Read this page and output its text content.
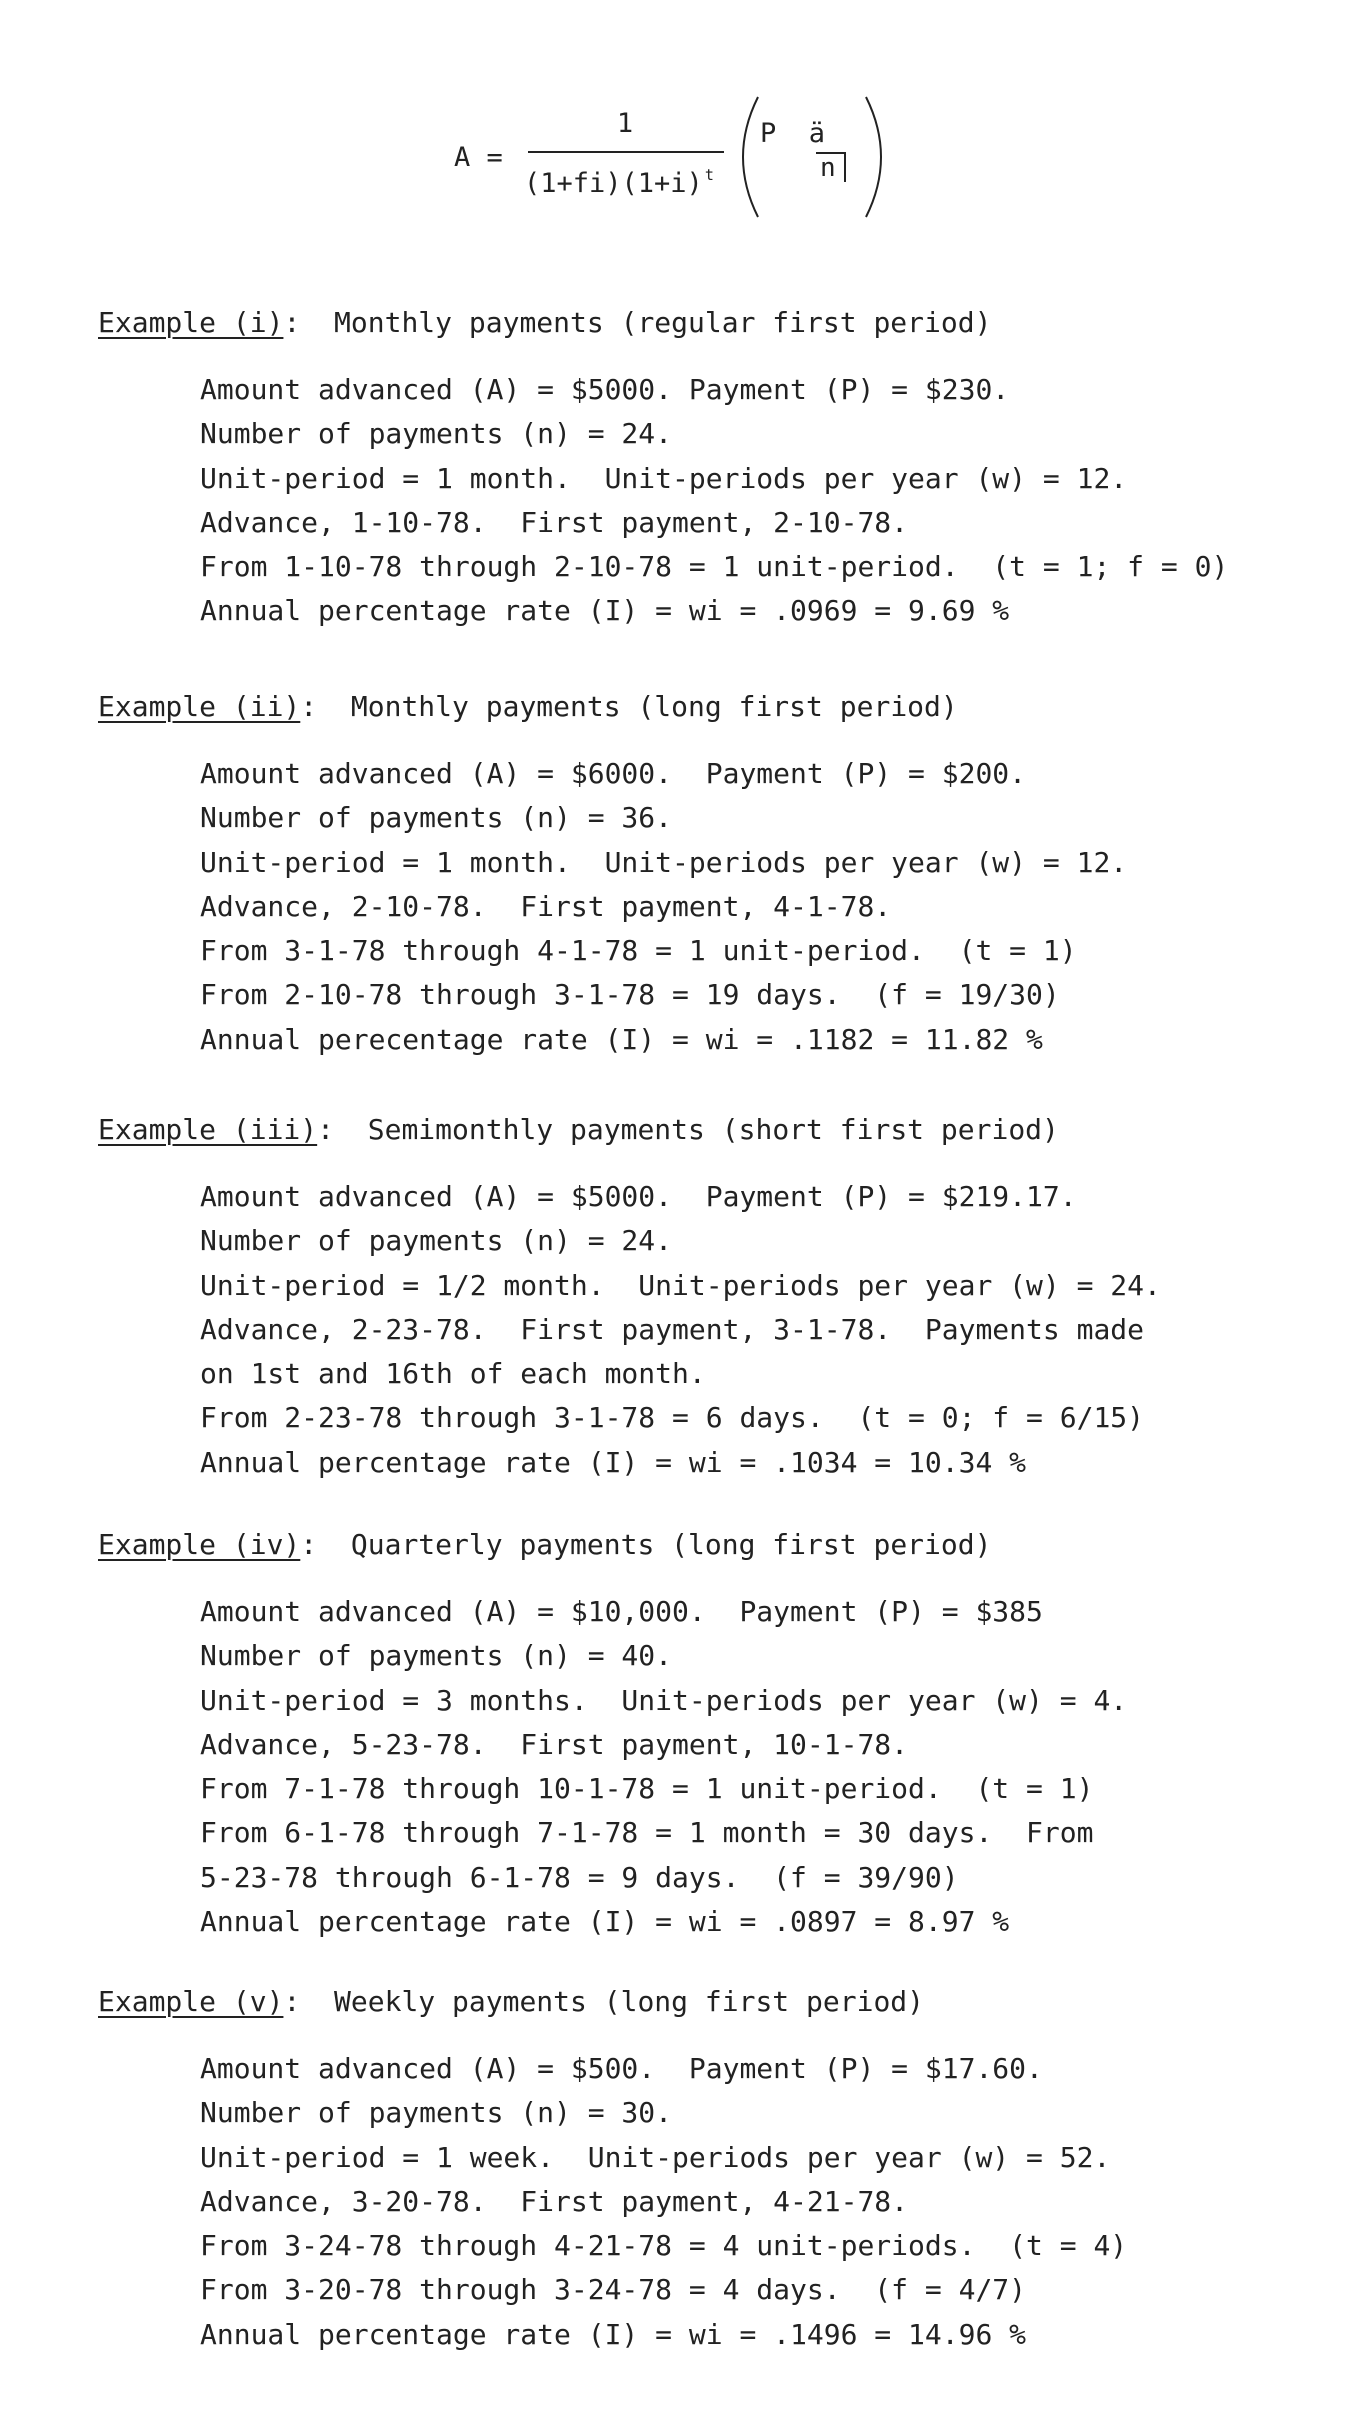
A =
1
(1+fi)(1+i) $^t$
P ä
n
Example (i): Monthly payments (regular first period)
Amount advanced (A) = $5000. Payment (P) = $230.
Number of payments (n) = 24.
Unit-period = 1 month.  Unit-periods per year (w) = 12.
Advance, 1-10-78.  First payment, 2-10-78.
From 1-10-78 through 2-10-78 = 1 unit-period.  (t = 1; f = 0)
Annual percentage rate (I) = wi = .0969 = 9.69 %
Example (ii): Monthly payments (long first period)
Amount advanced (A) = $6000.  Payment (P) = $200.
Number of payments (n) = 36.
Unit-period = 1 month.  Unit-periods per year (w) = 12.
Advance, 2-10-78.  First payment, 4-1-78.
From 3-1-78 through 4-1-78 = 1 unit-period.  (t = 1)
From 2-10-78 through 3-1-78 = 19 days.  (f = 19/30)
Annual perecentage rate (I) = wi = .1182 = 11.82 %
Example (iii): Semimonthly payments (short first period)
Amount advanced (A) = $5000.  Payment (P) = $219.17.
Number of payments (n) = 24.
Unit-period = 1/2 month.  Unit-periods per year (w) = 24.
Advance, 2-23-78.  First payment, 3-1-78.  Payments made
on 1st and 16th of each month.
From 2-23-78 through 3-1-78 = 6 days.  (t = 0; f = 6/15)
Annual percentage rate (I) = wi = .1034 = 10.34 %
Example (iv): Quarterly payments (long first period)
Amount advanced (A) = $10,000.  Payment (P) = $385
Number of payments (n) = 40.
Unit-period = 3 months.  Unit-periods per year (w) = 4.
Advance, 5-23-78.  First payment, 10-1-78.
From 7-1-78 through 10-1-78 = 1 unit-period.  (t = 1)
From 6-1-78 through 7-1-78 = 1 month = 30 days.  From
5-23-78 through 6-1-78 = 9 days.  (f = 39/90)
Annual percentage rate (I) = wi = .0897 = 8.97 %
Example (v): Weekly payments (long first period)
Amount advanced (A) = $500.  Payment (P) = $17.60.
Number of payments (n) = 30.
Unit-period = 1 week.  Unit-periods per year (w) = 52.
Advance, 3-20-78.  First payment, 4-21-78.
From 3-24-78 through 4-21-78 = 4 unit-periods.  (t = 4)
From 3-20-78 through 3-24-78 = 4 days.  (f = 4/7)
Annual percentage rate (I) = wi = .1496 = 14.96 %
